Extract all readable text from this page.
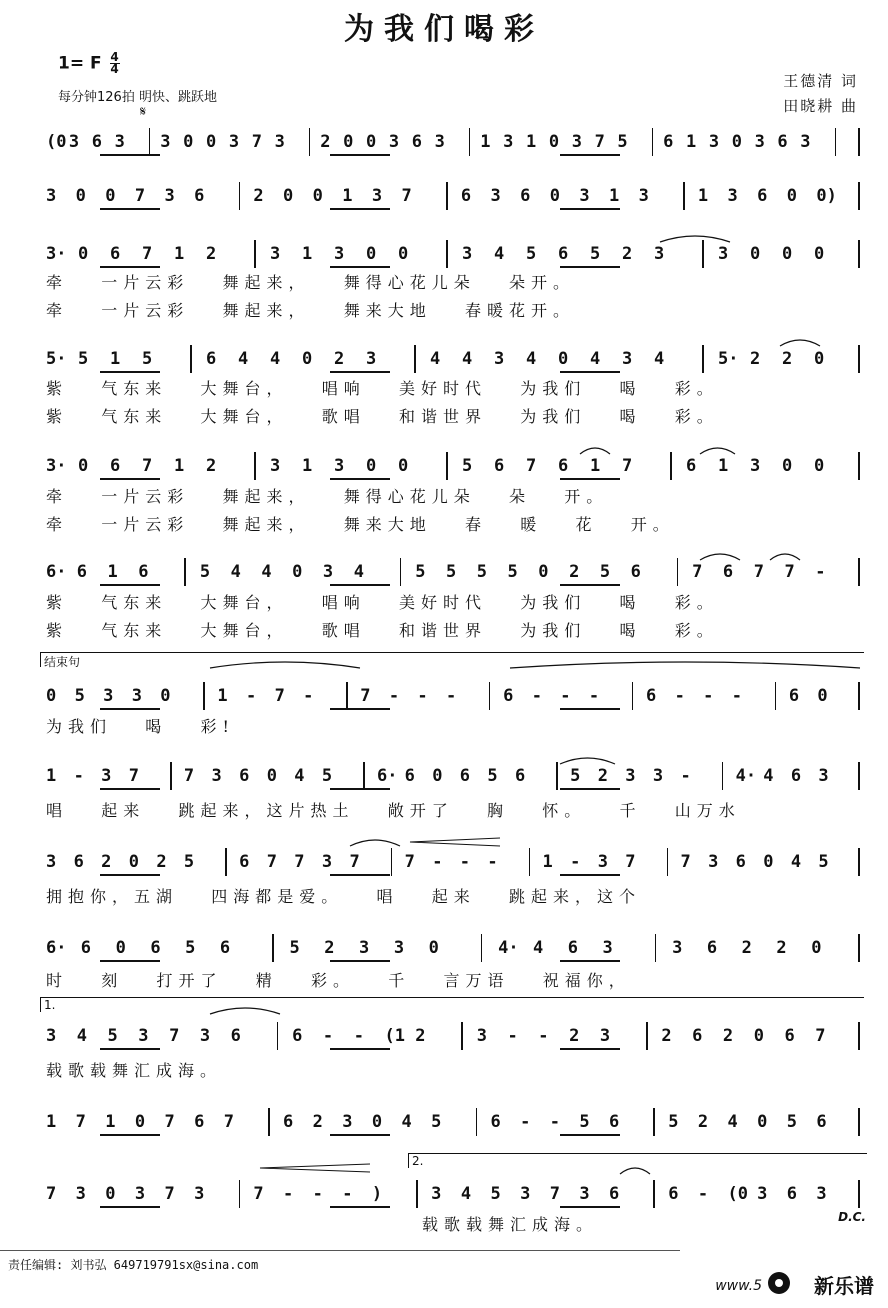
为我们喝彩
1= F $\frac{4}{4}$
每分钟126拍 明快、跳跃地
𝄋
王德清 词
田晓耕 曲
(0 3 6 3 3 0 0 3 7 3 2 0 0 3 6 3 1 3 1 0 3 7 5 6 1 3 0 3 6 3
3 0 0 7 3 6	2 0 0 1 3 7	6 3 6 0 3 1 3	1 3 6 0 0)
3· 0 6 7 1 2	3 1 3 0 0	3 4 5 6 5 2 3	3 0 0 0
5· 5 1 5	6 4 4 0 2 3	4 4 3 4 0 4 3 4	5· 2 2 0
3· 0 6 7 1 2	3 1 3 0 0	5 6 7 6 1 7	6 1 3 0 0
6· 6 1 6	5 4 4 0 3 4	5 5 5 5 0 2 5 6	7 6 7 7 -
0 5 3 3 0	1 - 7 -	7 - - -	6 - - -	6 - - -	6 0
1 - 3 7	7 3 6 0 4 5	6· 6 0 6 5 6	5 2 3 3 -	4· 4 6 3
3 6 2 0 2 5	6 7 7 3 7	7 - - -	1 - 3 7	7 3 6 0 4 5
6· 6 0 6 5 6	5 2 3 3 0	4· 4 6 3	3 6 2 2 0
3 4 5 3 7 3 6	6 - - (1 2	3 - - 2 3	2 6 2 0 6 7
1 7 1 0 7 6 7	6 2 3 0 4 5	6 - - 5 6	5 2 4 0 5 6
7 3 0 3 7 3	7 - - - )	3 4 5 3 7 3 6	6 - (0 3 6 3
牵   一片云彩   舞起来，   舞得心花儿朵   朵开。
牵   一片云彩   舞起来，   舞来大地   春暖花开。
紫   气东来   大舞台，   唱响   美好时代   为我们   喝   彩。
紫   气东来   大舞台，   歌唱   和谐世界   为我们   喝   彩。
牵   一片云彩   舞起来，   舞得心花儿朵   朵   开。
牵   一片云彩   舞起来，   舞来大地   春   暖   花   开。
紫   气东来   大舞台，   唱响   美好时代   为我们   喝   彩。
紫   气东来   大舞台，   歌唱   和谐世界   为我们   喝   彩。
为我们   喝   彩!
唱   起来   跳起来，这片热土   敞开了   胸   怀。   千   山万水
拥抱你，五湖   四海都是爱。   唱   起来   跳起来，这个
时   刻   打开了   精   彩。   千   言万语   祝福你，
载歌载舞汇成海。
载歌载舞汇成海。
结束句
1.
2.
D.C.
责任编辑: 刘书弘 649719791sx@sina.com
www.5	新乐谱
